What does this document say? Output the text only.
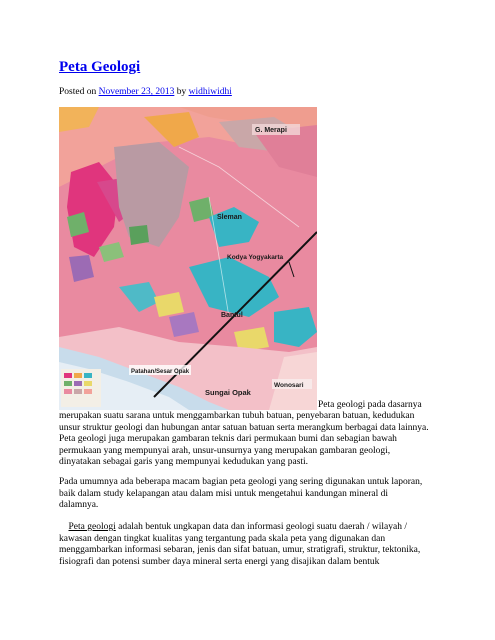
Peta Geologi
Posted on November 23, 2013 by widhiwidhi
G. Merapi
Sleman
Kodya Yogyakarta
Bantul
Patahan/Sesar Opak
Sungai Opak
Wonosari
Peta geologi pada dasarnya

merupakan suatu sarana untuk menggambarkan tubuh batuan, penyebaran batuan, kedudukan
unsur struktur geologi dan hubungan antar satuan batuan serta merangkum berbagai data lainnya.
Peta geologi juga merupakan gambaran teknis dari permukaan bumi dan sebagian bawah
permukaan yang mempunyai arah, unsur-unsurnya yang merupakan gambaran geologi,
dinyatakan sebagai garis yang mempunyai kedudukan yang pasti.

Pada umumnya ada beberapa macam bagian peta geologi yang sering digunakan untuk laporan,
baik dalam study kelapangan atau dalam misi untuk mengetahui kandungan mineral di
dalamnya.

Peta geologi adalah bentuk ungkapan data dan informasi geologi suatu daerah / wilayah /
kawasan dengan tingkat kualitas yang tergantung pada skala peta yang digunakan dan
menggambarkan informasi sebaran, jenis dan sifat batuan, umur, stratigrafi, struktur, tektonika,
fisiografi dan potensi sumber daya mineral serta energi yang disajikan dalam bentuk
